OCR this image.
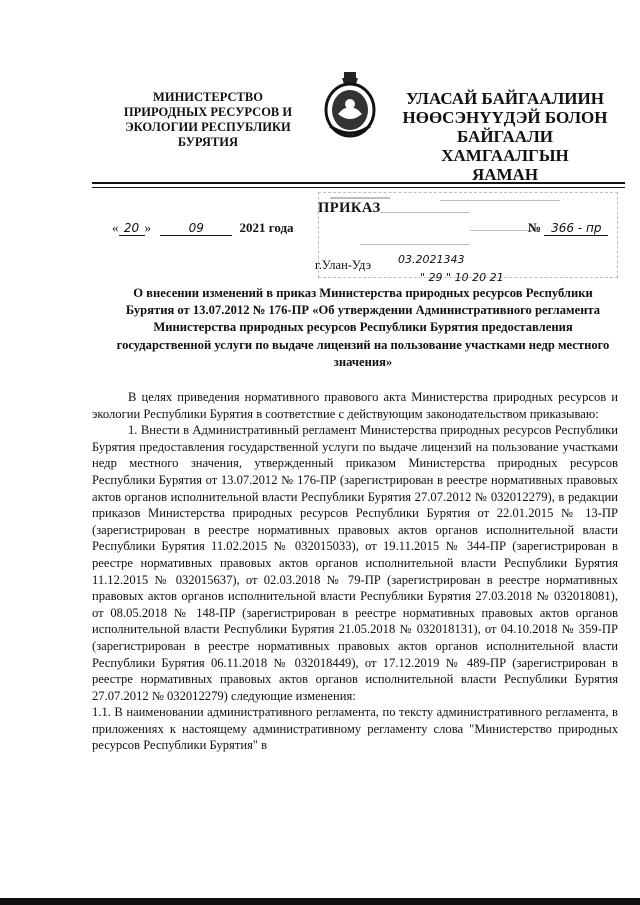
МИНИСТЕРСТВО
ПРИРОДНЫХ РЕСУРСОВ И
ЭКОЛОГИИ РЕСПУБЛИКИ
БУРЯТИЯ
УЛАСАЙ БАЙГААЛИИН
НӨӨСЭНҮҮДЭЙ БОЛОН
БАЙГААЛИ ХАМГААЛГЫН
ЯАМАН
ПРИКАЗ
« 20 »	09	2021 года	№ 366 - пр
г.Улан-Удэ 03.2021343
" 29 " 10 20 21
О внесении изменений в приказ Министерства природных ресурсов Республики Бурятия от 13.07.2012 № 176-ПР «Об утверждении Административного регламента Министерства природных ресурсов Республики Бурятия предоставления государственной услуги по выдаче лицензий на пользование участками недр местного значения»

В целях приведения нормативного правового акта Министерства природных ресурсов и экологии Республики Бурятия в соответствие с действующим законодательством приказываю:

1. Внести в Административный регламент Министерства природных ресурсов Республики Бурятия предоставления государственной услуги по выдаче лицензий на пользование участками недр местного значения, утвержденный приказом Министерства природных ресурсов Республики Бурятия от 13.07.2012 № 176-ПР (зарегистрирован в реестре нормативных правовых актов органов исполнительной власти Республики Бурятия 27.07.2012 № 032012279), в редакции приказов Министерства природных ресурсов Республики Бурятия от 22.01.2015 № 13-ПР (зарегистрирован в реестре нормативных правовых актов органов исполнительной власти Республики Бурятия 11.02.2015 № 032015033), от 19.11.2015 № 344-ПР (зарегистрирован в реестре нормативных правовых актов органов исполнительной власти Республики Бурятия 11.12.2015 № 032015637), от 02.03.2018 № 79-ПР (зарегистрирован в реестре нормативных правовых актов органов исполнительной власти Республики Бурятия 27.03.2018 № 032018081), от 08.05.2018 № 148-ПР (зарегистрирован в реестре нормативных правовых актов органов исполнительной власти Республики Бурятия 21.05.2018 № 032018131), от 04.10.2018 № 359-ПР (зарегистрирован в реестре нормативных правовых актов органов исполнительной власти Республики Бурятия 06.11.2018 № 032018449), от 17.12.2019 № 489-ПР (зарегистрирован в реестре нормативных правовых актов органов исполнительной власти Республики Бурятия 27.07.2012 № 032012279) следующие изменения:

1.1. В наименовании административного регламента, по тексту административного регламента, в приложениях к настоящему административному регламенту слова "Министерство природных ресурсов Республики Бурятия" в
